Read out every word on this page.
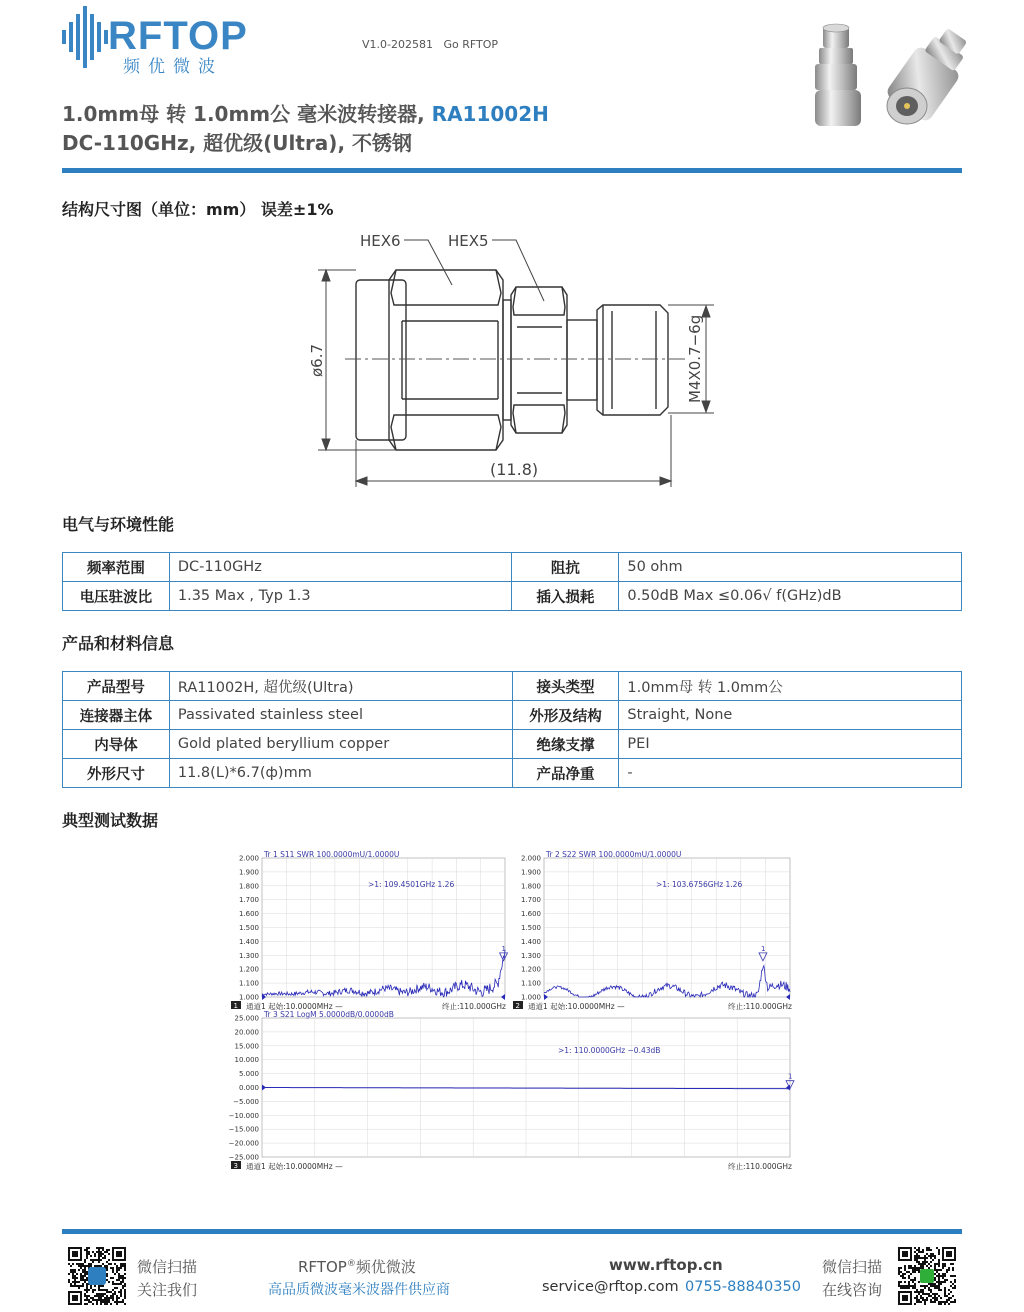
RFTOP
频优微波
V1.0-202581 Go RFTOP
1.0mm母 转 1.0mm公 毫米波转接器, RA11002H
DC-110GHz, 超优级(Ultra), 不锈钢
结构尺寸图（单位：mm） 误差±1%
HEX6	HEX5
ø6.7	M4X0.7−6g
(11.8)
电气与环境性能
频率范围	DC-110GHz	阻抗	50 ohm
电压驻波比	1.35 Max , Typ 1.3	插入损耗	0.50dB Max ≤0.06√ f(GHz)dB
产品和材料信息
产品型号	RA11002H, 超优级(Ultra)	接头类型	1.0mm母 转 1.0mm公
连接器主体	Passivated stainless steel	外形及结构	Straight, None
内导体	Gold plated beryllium copper	绝缘支撑	PEI
外形尺寸	11.8(L)*6.7(ф)mm	产品净重	-
典型测试数据
Tr 1 S11 SWR 100.0000mU/1.0000U
>1: 109.4501GHz 1.26
1 通道1 起始:10.0000MHz —	终止:110.000GHz
Tr 2 S22 SWR 100.0000mU/1.0000U
>1: 103.6756GHz 1.26
2 通道1 起始:10.0000MHz —	终止:110.000GHz
Tr 3 S21 LogM 5.0000dB/0.0000dB
>1: 110.0000GHz −0.43dB
3 通道1 起始:10.0000MHz —	终止:110.000GHz
2.000
1.900
1.800
1.700
1.600
1.500
1.400
1.300
1.200
1.100
1.000
2.000
1.900
1.800
1.700
1.600
1.500
1.400
1.300
1.200
1.100
1.000
25.000
20.000
15.000
10.000
5.000
0.000
−5.000
−10.000
−15.000
−20.000
−25.000
1	1
1
微信扫描
关注我们
RFTOP®频优微波
高品质微波毫米波器件供应商
www.rftop.cn
service@rftop.com 0755-88840350
微信扫描
在线咨询
